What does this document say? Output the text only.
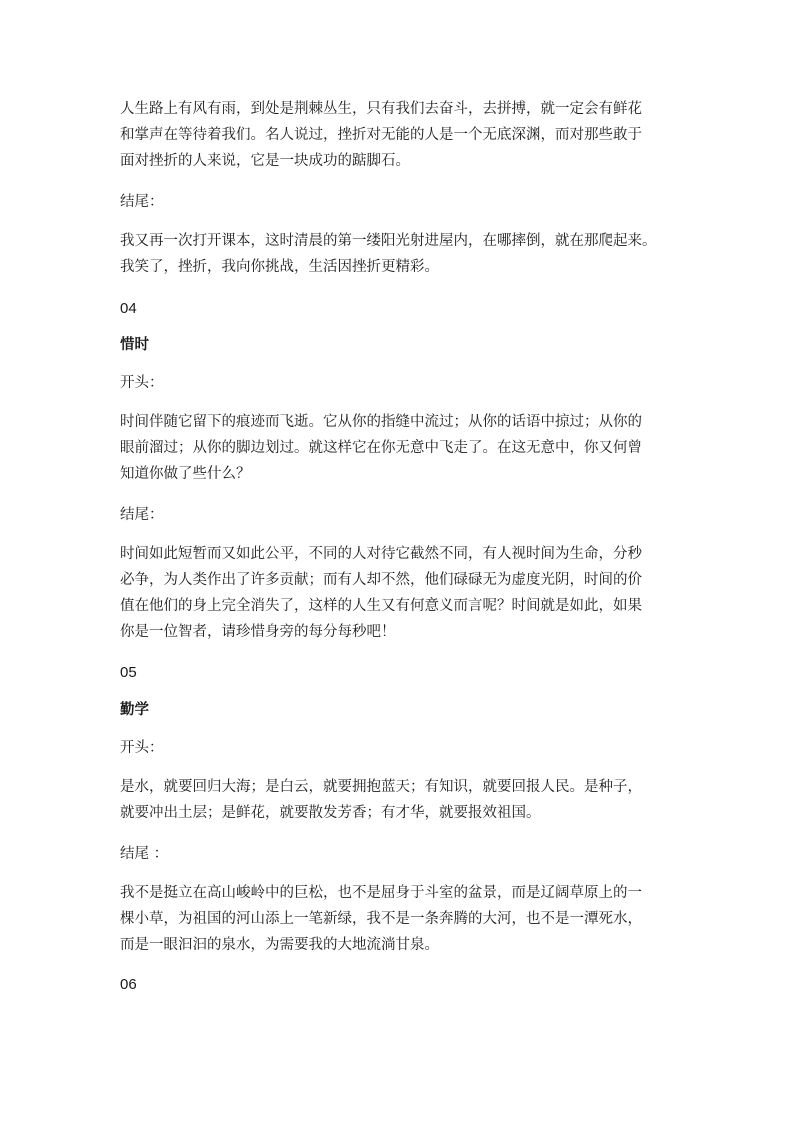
人生路上有风有雨，到处是荆棘丛生，只有我们去奋斗，去拼搏，就一定会有鲜花
和掌声在等待着我们。名人说过，挫折对无能的人是一个无底深渊，而对那些敢于
面对挫折的人来说，它是一块成功的踮脚石。
结尾：
我又再一次打开课本，这时清晨的第一缕阳光射进屋内，在哪摔倒，就在那爬起来。
我笑了，挫折，我向你挑战，生活因挫折更精彩。
04
惜时
开头：
时间伴随它留下的痕迹而飞逝。它从你的指缝中流过；从你的话语中掠过；从你的
眼前溜过；从你的脚边划过。就这样它在你无意中飞走了。在这无意中，你又何曾
知道你做了些什么？
结尾：
时间如此短暂而又如此公平，不同的人对待它截然不同，有人视时间为生命，分秒
必争，为人类作出了许多贡献；而有人却不然，他们碌碌无为虚度光阴，时间的价
值在他们的身上完全消失了，这样的人生又有何意义而言呢？时间就是如此，如果
你是一位智者，请珍惜身旁的每分每秒吧！
05
勤学
开头：
是水，就要回归大海；是白云，就要拥抱蓝天；有知识，就要回报人民。是种子，
就要冲出土层；是鲜花，就要散发芳香；有才华，就要报效祖国。
结尾 ：
我不是挺立在高山峻岭中的巨松，也不是屈身于斗室的盆景，而是辽阔草原上的一
棵小草，为祖国的河山添上一笔新绿，我不是一条奔腾的大河，也不是一潭死水，
而是一眼汩汩的泉水，为需要我的大地流淌甘泉。
06
